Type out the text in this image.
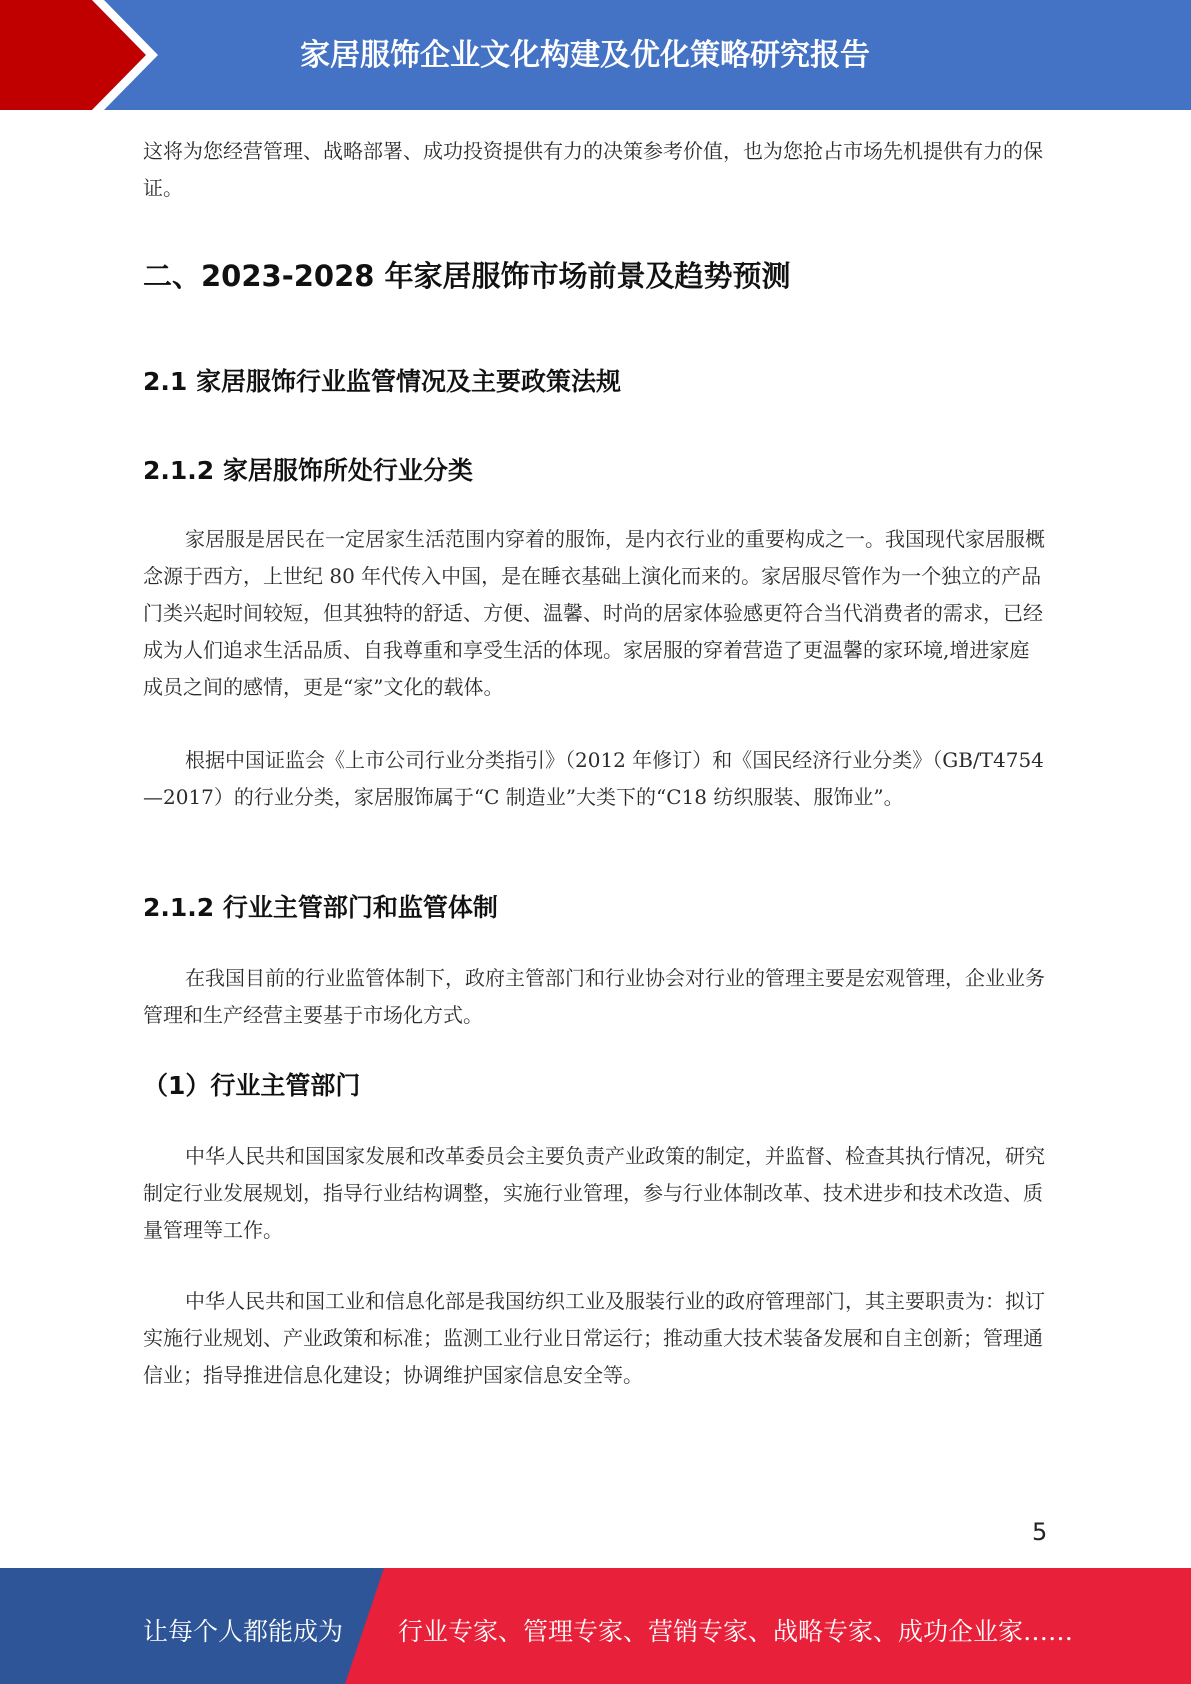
家居服饰企业文化构建及优化策略研究报告

这将为您经营管理、战略部署、成功投资提供有力的决策参考价值，也为您抢占市场先机提供有力的保证。

二、2023-2028 年家居服饰市场前景及趋势预测
2.1 家居服饰行业监管情况及主要政策法规
2.1.2 家居服饰所处行业分类

家居服是居民在一定居家生活范围内穿着的服饰，是内衣行业的重要构成之一。我国现代家居服概念源于西方，上世纪 80 年代传入中国，是在睡衣基础上演化而来的。家居服尽管作为一个独立的产品门类兴起时间较短，但其独特的舒适、方便、温馨、时尚的居家体验感更符合当代消费者的需求，已经成为人们追求生活品质、自我尊重和享受生活的体现。家居服的穿着营造了更温馨的家环境,增进家庭成员之间的感情，更是“家”文化的载体。

根据中国证监会《上市公司行业分类指引》（2012 年修订）和《国民经济行业分类》（GB/T4754—2017）的行业分类，家居服饰属于“C 制造业”大类下的“C18 纺织服装、服饰业”。

2.1.2 行业主管部门和监管体制

在我国目前的行业监管体制下，政府主管部门和行业协会对行业的管理主要是宏观管理，企业业务管理和生产经营主要基于市场化方式。

（1）行业主管部门

中华人民共和国国家发展和改革委员会主要负责产业政策的制定，并监督、检查其执行情况，研究制定行业发展规划，指导行业结构调整，实施行业管理，参与行业体制改革、技术进步和技术改造、质量管理等工作。

中华人民共和国工业和信息化部是我国纺织工业及服装行业的政府管理部门，其主要职责为：拟订实施行业规划、产业政策和标准；监测工业行业日常运行；推动重大技术装备发展和自主创新；管理通信业；指导推进信息化建设；协调维护国家信息安全等。

5
让每个人都能成为 行业专家、管理专家、营销专家、战略专家、成功企业家……
